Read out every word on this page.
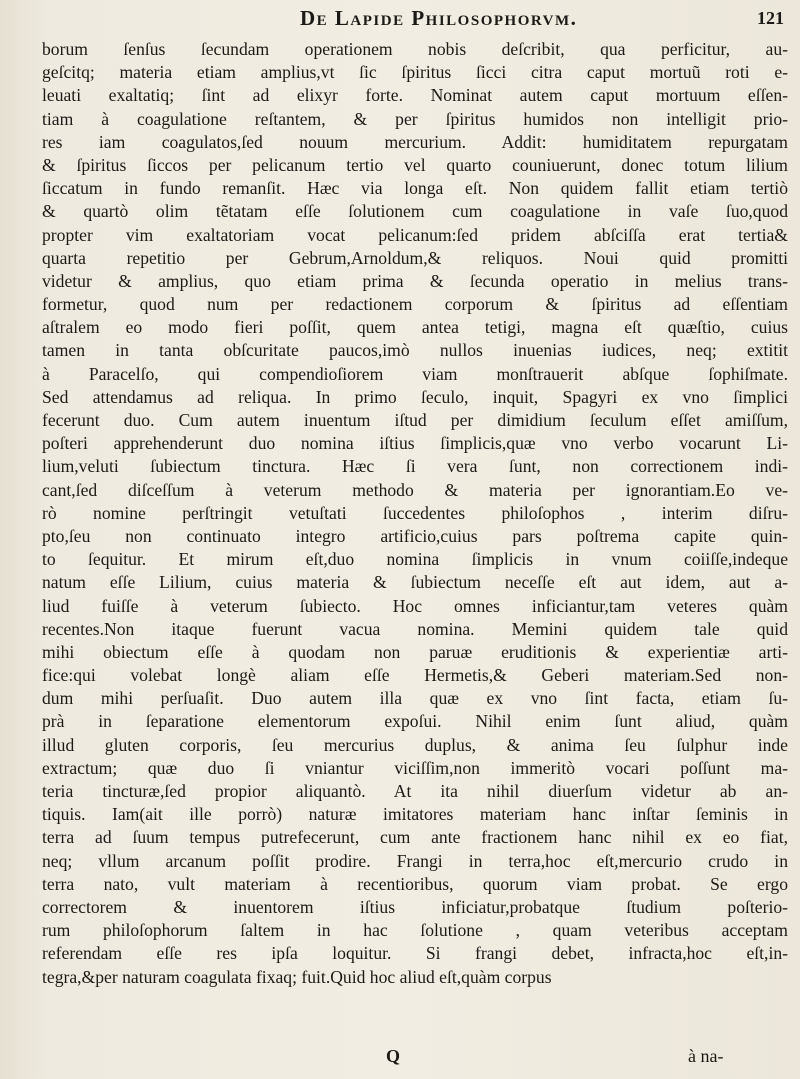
De Lapide Philosophorvm.	121
borum ſenſus ſecundam operationem nobis deſcribit, qua perficitur, au-
geſcitq; materia etiam amplius,vt ſic ſpiritus ſicci citra caput mortuũ roti e-
leuati exaltatiq; ſint ad elixyr forte. Nominat autem caput mortuum eſſen-
tiam à coagulatione reſtantem, & per ſpiritus humidos non intelligit prio-
res iam coagulatos,ſed nouum mercurium. Addit: humiditatem repurgatam
& ſpiritus ſiccos per pelicanum tertio vel quarto couniuerunt, donec totum lilium
ſiccatum in fundo remanſit. Hæc via longa eſt. Non quidem fallit etiam tertiò
& quartò olim tẽtatam eſſe ſolutionem cum coagulatione in vaſe ſuo,quod
propter vim exaltatoriam vocat pelicanum:ſed pridem abſciſſa erat tertia&
quarta repetitio per Gebrum,Arnoldum,& reliquos. Noui quid promitti
videtur & amplius, quo etiam prima & ſecunda operatio in melius trans-
formetur, quod num per redactionem corporum & ſpiritus ad eſſentiam
aſtralem eo modo fieri poſſit, quem antea tetigi, magna eſt quæſtio, cuius
tamen in tanta obſcuritate paucos,imò nullos inuenias iudices, neq; extitit
à Paracelſo, qui compendioſiorem viam monſtrauerit abſque ſophiſmate.
Sed attendamus ad reliqua. In primo ſeculo, inquit, Spagyri ex vno ſimplici
fecerunt duo. Cum autem inuentum iſtud per dimidium ſeculum eſſet amiſſum,
poſteri apprehenderunt duo nomina iſtius ſimplicis,quæ vno verbo vocarunt Li-
lium,veluti ſubiectum tinctura. Hæc ſi vera ſunt, non correctionem indi-
cant,ſed diſceſſum à veterum methodo & materia per ignorantiam.Eo ve-
rò nomine perſtringit vetuſtati ſuccedentes philoſophos , interim diſru-
pto,ſeu non continuato integro artificio,cuius pars poſtrema capite quin-
to ſequitur. Et mirum eſt,duo nomina ſimplicis in vnum coiiſſe,indeque
natum eſſe Lilium, cuius materia & ſubiectum neceſſe eſt aut idem, aut a-
liud fuiſſe à veterum ſubiecto. Hoc omnes inficiantur,tam veteres quàm
recentes.Non itaque fuerunt vacua nomina. Memini quidem tale quid
mihi obiectum eſſe à quodam non paruæ eruditionis & experientiæ arti-
fice:qui volebat longè aliam eſſe Hermetis,& Geberi materiam.Sed non-
dum mihi perſuaſit. Duo autem illa quæ ex vno ſint facta, etiam ſu-
prà in ſeparatione elementorum expoſui. Nihil enim ſunt aliud, quàm
illud gluten corporis, ſeu mercurius duplus, & anima ſeu ſulphur inde
extractum; quæ duo ſi vniantur viciſſim,non immeritò vocari poſſunt ma-
teria tincturæ,ſed propior aliquantò. At ita nihil diuerſum videtur ab an-
tiquis. Iam(ait ille porrò) naturæ imitatores materiam hanc inſtar ſeminis in
terra ad ſuum tempus putrefecerunt, cum ante fractionem hanc nihil ex eo fiat,
neq; vllum arcanum poſſit prodire. Frangi in terra,hoc eſt,mercurio crudo in
terra nato, vult materiam à recentioribus, quorum viam probat. Se ergo
correctorem & inuentorem iſtius inficiatur,probatque ſtudium poſterio-
rum philoſophorum ſaltem in hac ſolutione , quam veteribus acceptam
referendam eſſe res ipſa loquitur. Si frangi debet, infracta,hoc eſt,in-
tegra,&per naturam coagulata fixaq; fuit.Quid hoc aliud eſt,quàm corpus
Q	à na-
